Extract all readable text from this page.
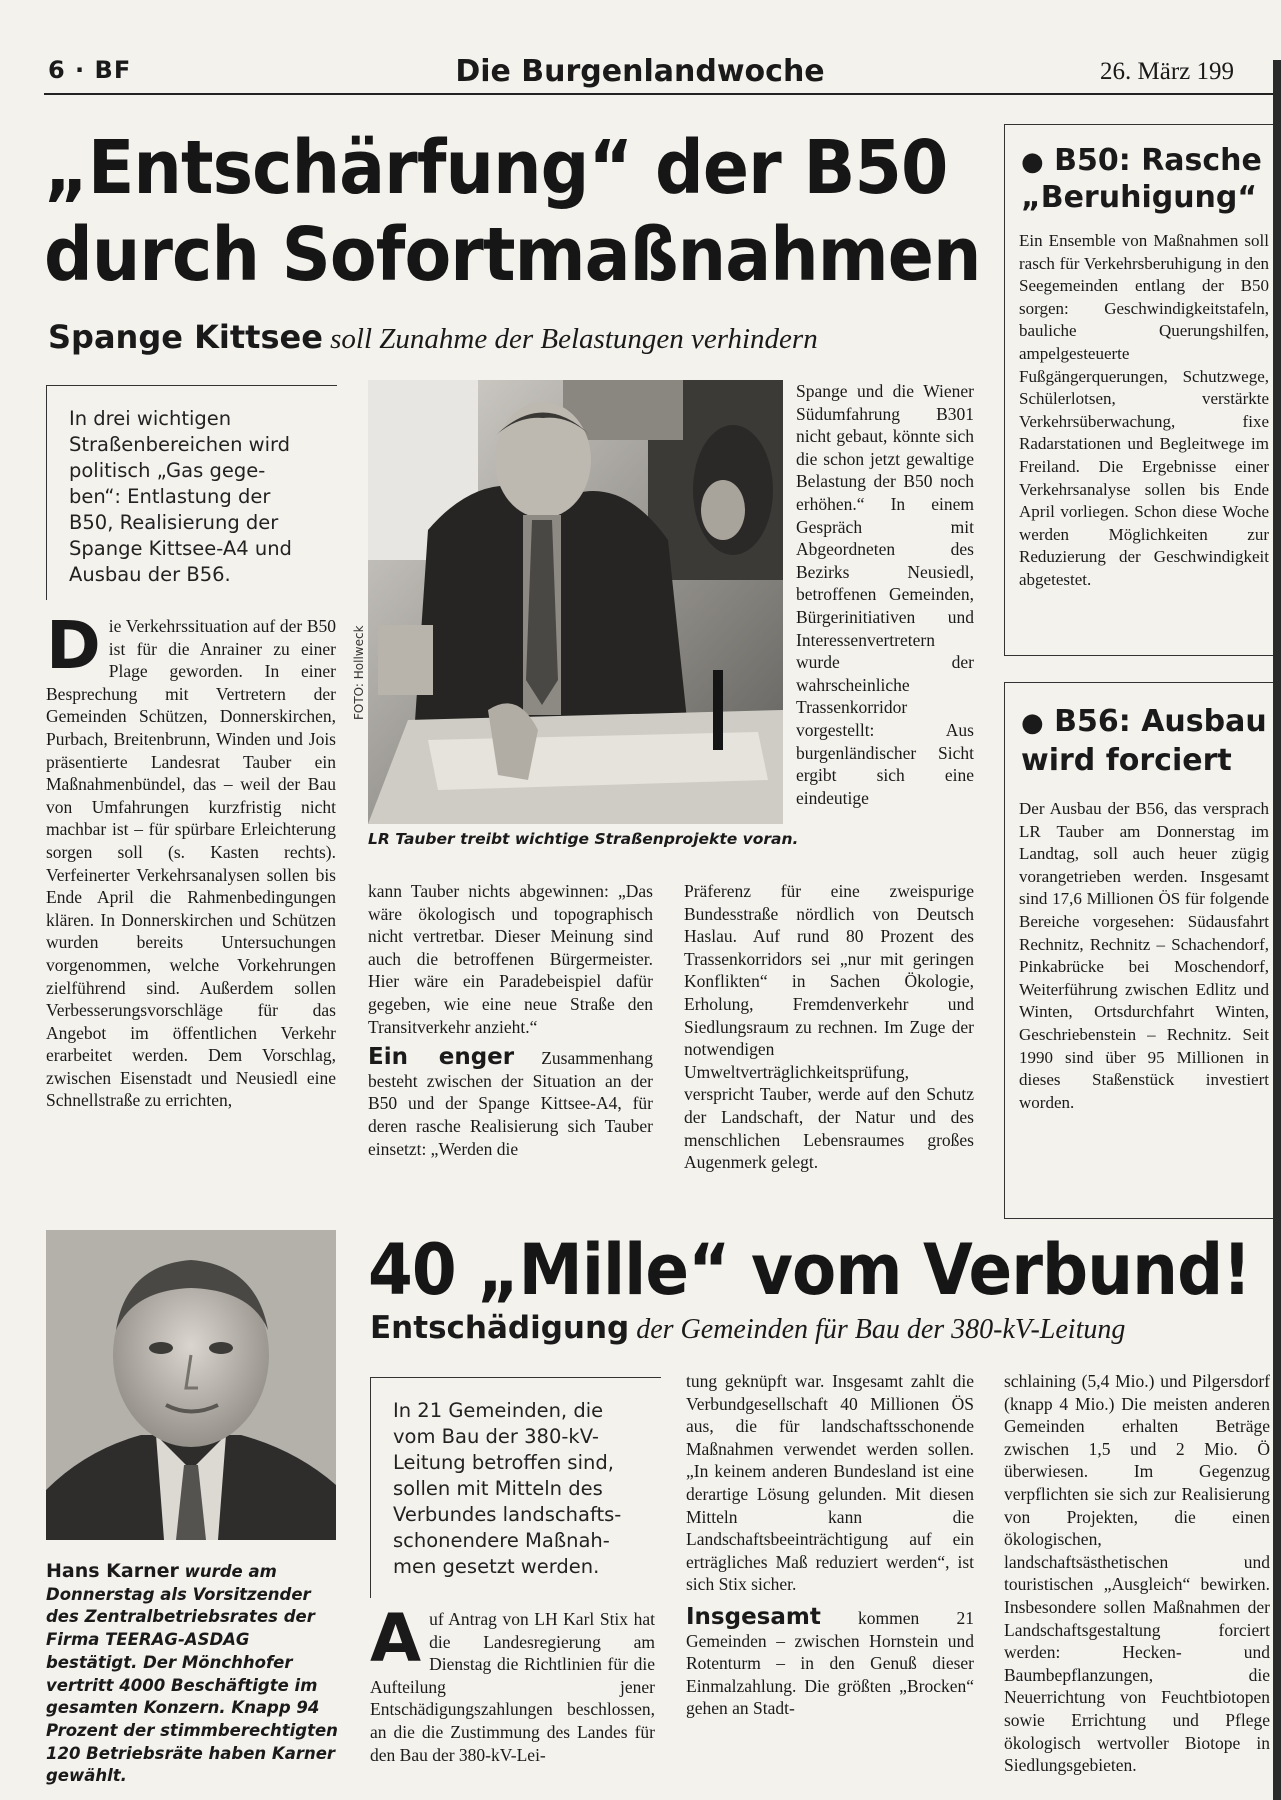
6 · BF	Die Burgenlandwoche	26. März 199
„Entschärfung“ der B50
durch Sofortmaßnahmen
Spange Kittsee soll Zunahme der Belastungen verhindern
In drei wichtigen
Straßenbereichen wird
politisch „Gas gege-
ben“: Entlastung der
B50, Realisierung der
Spange Kittsee-A4 und
Ausbau der B56.
Die Verkehrssituation auf der B50 ist für die Anrainer zu einer Plage geworden. In einer Besprechung mit Vertretern der Gemeinden Schützen, Donnerskirchen, Purbach, Breitenbrunn, Winden und Jois präsentierte Landesrat Tauber ein Maßnahmenbündel, das – weil der Bau von Umfahrungen kurzfristig nicht machbar ist – für spürbare Erleichterung sorgen soll (s. Kasten rechts). Verfeinerter Verkehrsanalysen sollen bis Ende April die Rahmenbedingungen klären. In Donnerskirchen und Schützen wurden bereits Untersuchungen vorgenommen, welche Vorkehrungen zielführend sind. Außerdem sollen Verbesserungsvorschläge für das Angebot im öffentlichen Verkehr erarbeitet werden. Dem Vorschlag, zwischen Eisenstadt und Neusiedl eine Schnellstraße zu errichten,
FOTO: Hollweck
LR Tauber treibt wichtige Straßenprojekte voran.

kann Tauber nichts abgewinnen: „Das wäre ökologisch und topographisch nicht vertretbar. Dieser Meinung sind auch die betroffenen Bürgermeister. Hier wäre ein Paradebeispiel dafür gegeben, wie eine neue Straße den Transitverkehr anzieht.“

Ein enger Zusammenhang besteht zwischen der Situation an der B50 und der Spange Kittsee-A4, für deren rasche Realisierung sich Tauber einsetzt: „Werden die

Spange und die Wiener Südumfahrung B301 nicht gebaut, könnte sich die schon jetzt gewaltige Belastung der B50 noch erhöhen.“ In einem Gespräch mit Abgeordneten des Bezirks Neusiedl, betroffenen Gemeinden, Bürgerinitiativen und Interessenvertretern wurde der wahrscheinliche Trassenkorridor vorgestellt: Aus burgenländischer Sicht ergibt sich eine eindeutige
Präferenz für eine zweispurige Bundesstraße nördlich von Deutsch Haslau. Auf rund 80 Prozent des Trassenkorridors sei „nur mit geringen Konflikten“ in Sachen Ökologie, Erholung, Fremdenverkehr und Siedlungsraum zu rechnen. Im Zuge der notwendigen Umweltverträglichkeitsprüfung, verspricht Tauber, werde auf den Schutz der Landschaft, der Natur und des menschlichen Lebensraumes großes Augenmerk gelegt.
● B50: Rasche
„Beruhigung“
Ein Ensemble von Maßnahmen soll rasch für Verkehrsberuhigung in den Seegemeinden entlang der B50 sorgen: Geschwindigkeitstafeln, bauliche Querungshilfen, ampelgesteuerte Fußgängerquerungen, Schutzwege, Schülerlotsen, verstärkte Verkehrsüberwachung, fixe Radarstationen und Begleitwege im Freiland. Die Ergebnisse einer Verkehrsanalyse sollen bis Ende April vorliegen. Schon diese Woche werden Möglichkeiten zur Reduzierung der Geschwindigkeit abgetestet.
● B56: Ausbau
wird forciert
Der Ausbau der B56, das versprach LR Tauber am Donnerstag im Landtag, soll auch heuer zügig vorangetrieben werden. Insgesamt sind 17,6 Millionen ÖS für folgende Bereiche vorgesehen: Südausfahrt Rechnitz, Rechnitz – Schachendorf, Pinkabrücke bei Moschendorf, Weiterführung zwischen Edlitz und Winten, Ortsdurchfahrt Winten, Geschriebenstein – Rechnitz. Seit 1990 sind über 95 Millionen in dieses Staßenstück investiert worden.
Hans Karner wurde am Donnerstag als Vorsitzender des Zentralbetriebsrates der Firma TEERAG-ASDAG bestätigt. Der Mönchhofer vertritt 4000 Beschäftigte im gesamten Konzern. Knapp 94 Prozent der stimmberechtigten 120 Betriebsräte haben Karner gewählt.
40 „Mille“ vom Verbund!
Entschädigung der Gemeinden für Bau der 380-kV-Leitung
In 21 Gemeinden, die
vom Bau der 380-kV-
Leitung betroffen sind,
sollen mit Mitteln des
Verbundes landschafts-
schonendere Maßnah-
men gesetzt werden.
Auf Antrag von LH Karl Stix hat die Landesregierung am Dienstag die Richtlinien für die Aufteilung jener Entschädigungszahlungen beschlossen, an die die Zustimmung des Landes für den Bau der 380-kV-Lei-

tung geknüpft war. Insgesamt zahlt die Verbundgesellschaft 40 Millionen ÖS aus, die für landschaftsschonende Maßnahmen verwendet werden sollen. „In keinem anderen Bundesland ist eine derartige Lösung gelunden. Mit diesen Mitteln kann die Landschaftsbeeinträchtigung auf ein erträgliches Maß reduziert werden“, ist sich Stix sicher.

Insgesamt kommen 21 Gemeinden – zwischen Hornstein und Rotenturm – in den Genuß dieser Einmalzahlung. Die größten „Brocken“ gehen an Stadt-

schlaining (5,4 Mio.) und Pilgersdorf (knapp 4 Mio.) Die meisten anderen Gemeinden erhalten Beträge zwischen 1,5 und 2 Mio. Ö überwiesen. Im Gegenzug verpflichten sie sich zur Realisierung von Projekten, die einen ökologischen, landschaftsästhetischen und touristischen „Ausgleich“ bewirken. Insbesondere sollen Maßnahmen der Landschaftsgestaltung forciert werden: Hecken- und Baumbepflanzungen, die Neuerrichtung von Feuchtbiotopen sowie Errichtung und Pflege ökologisch wertvoller Biotope in Siedlungsgebieten.
